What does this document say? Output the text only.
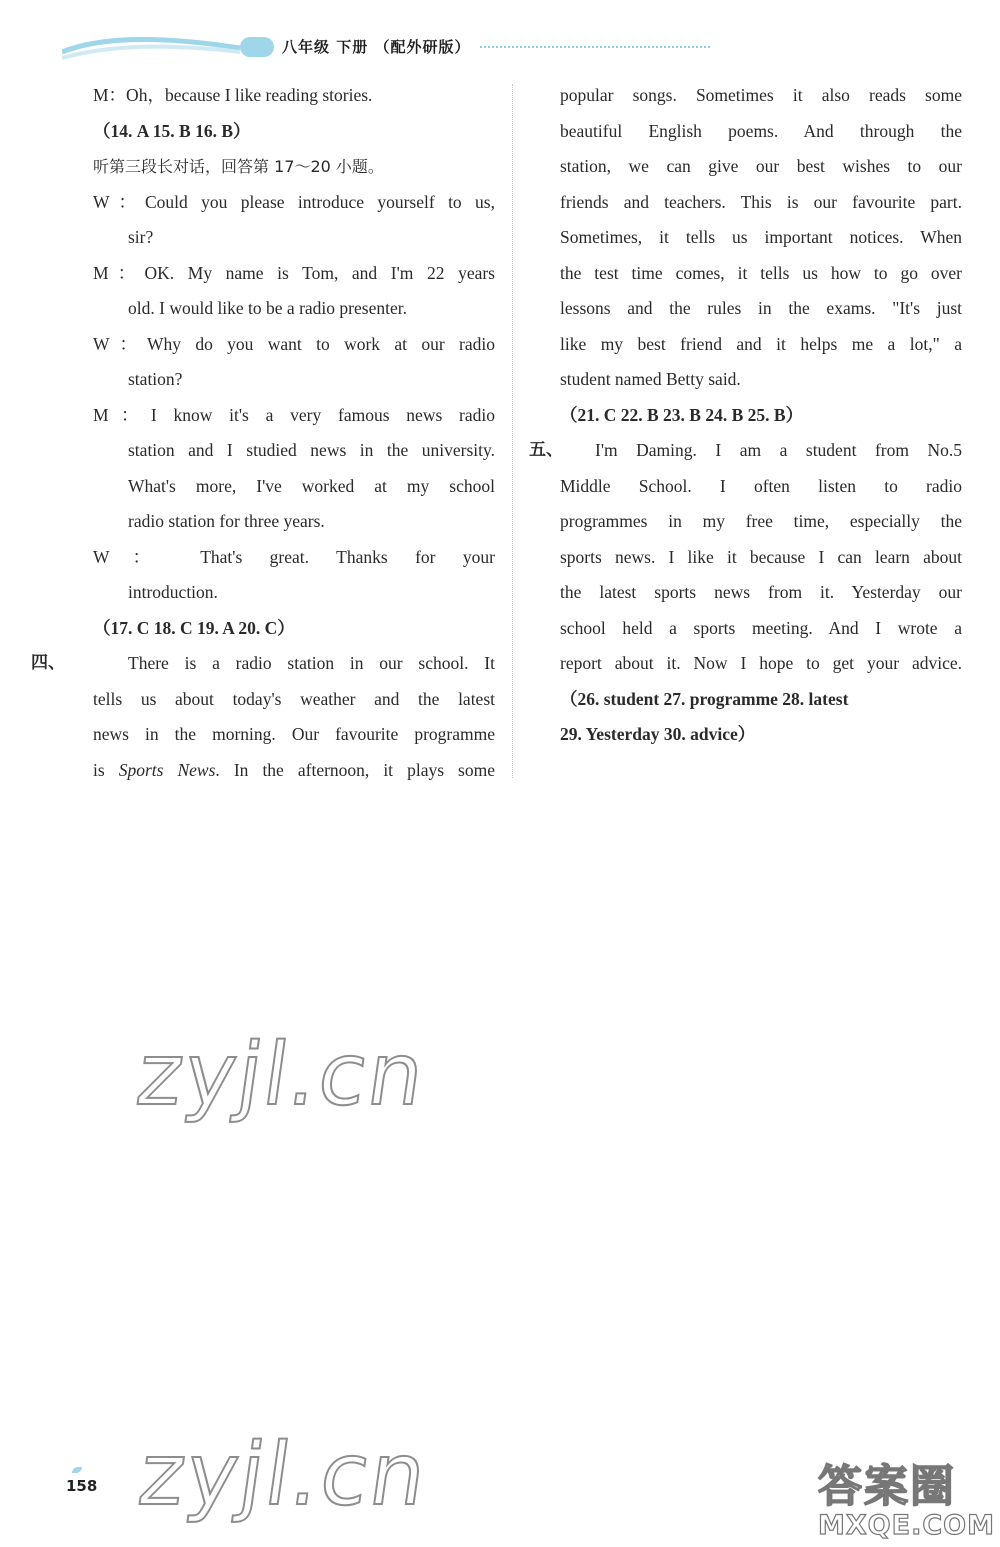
八年级 下册 （配外研版）

M：Oh，because I like reading stories.

（14. A 15. B 16. B）

听第三段长对话，回答第 17～20 小题。

W：Could you please introduce yourself to us,

sir?

M：OK. My name is Tom, and I'm 22 years

old. I would like to be a radio presenter.

W：Why do you want to work at our radio

station?

M：I know it's a very famous news radio

station and I studied news in the university.

What's more, I've worked at my school

radio station for three years.

W： That's great. Thanks for your

introduction.

（17. C 18. C 19. A 20. C）

四、	There is a radio station in our school. It

tells us about today's weather and the latest

news in the morning. Our favourite programme

is Sports News. In the afternoon, it plays some

popular songs. Sometimes it also reads some

beautiful English poems. And through the

station, we can give our best wishes to our

friends and teachers. This is our favourite part.

Sometimes, it tells us important notices. When

the test time comes, it tells us how to go over

lessons and the rules in the exams. "It's just

like my best friend and it helps me a lot," a

student named Betty said.

（21. C 22. B 23. B 24. B 25. B）

五、	I'm Daming. I am a student from No.5

Middle School. I often listen to radio

programmes in my free time, especially the

sports news. I like it because I can learn about

the latest sports news from it. Yesterday our

school held a sports meeting. And I wrote a

report about it. Now I hope to get your advice.

（26. student 27. programme 28. latest

29. Yesterday 30. advice）

zyjl.cn
zyjl.cn
158	答案圈
MXQE.COM
